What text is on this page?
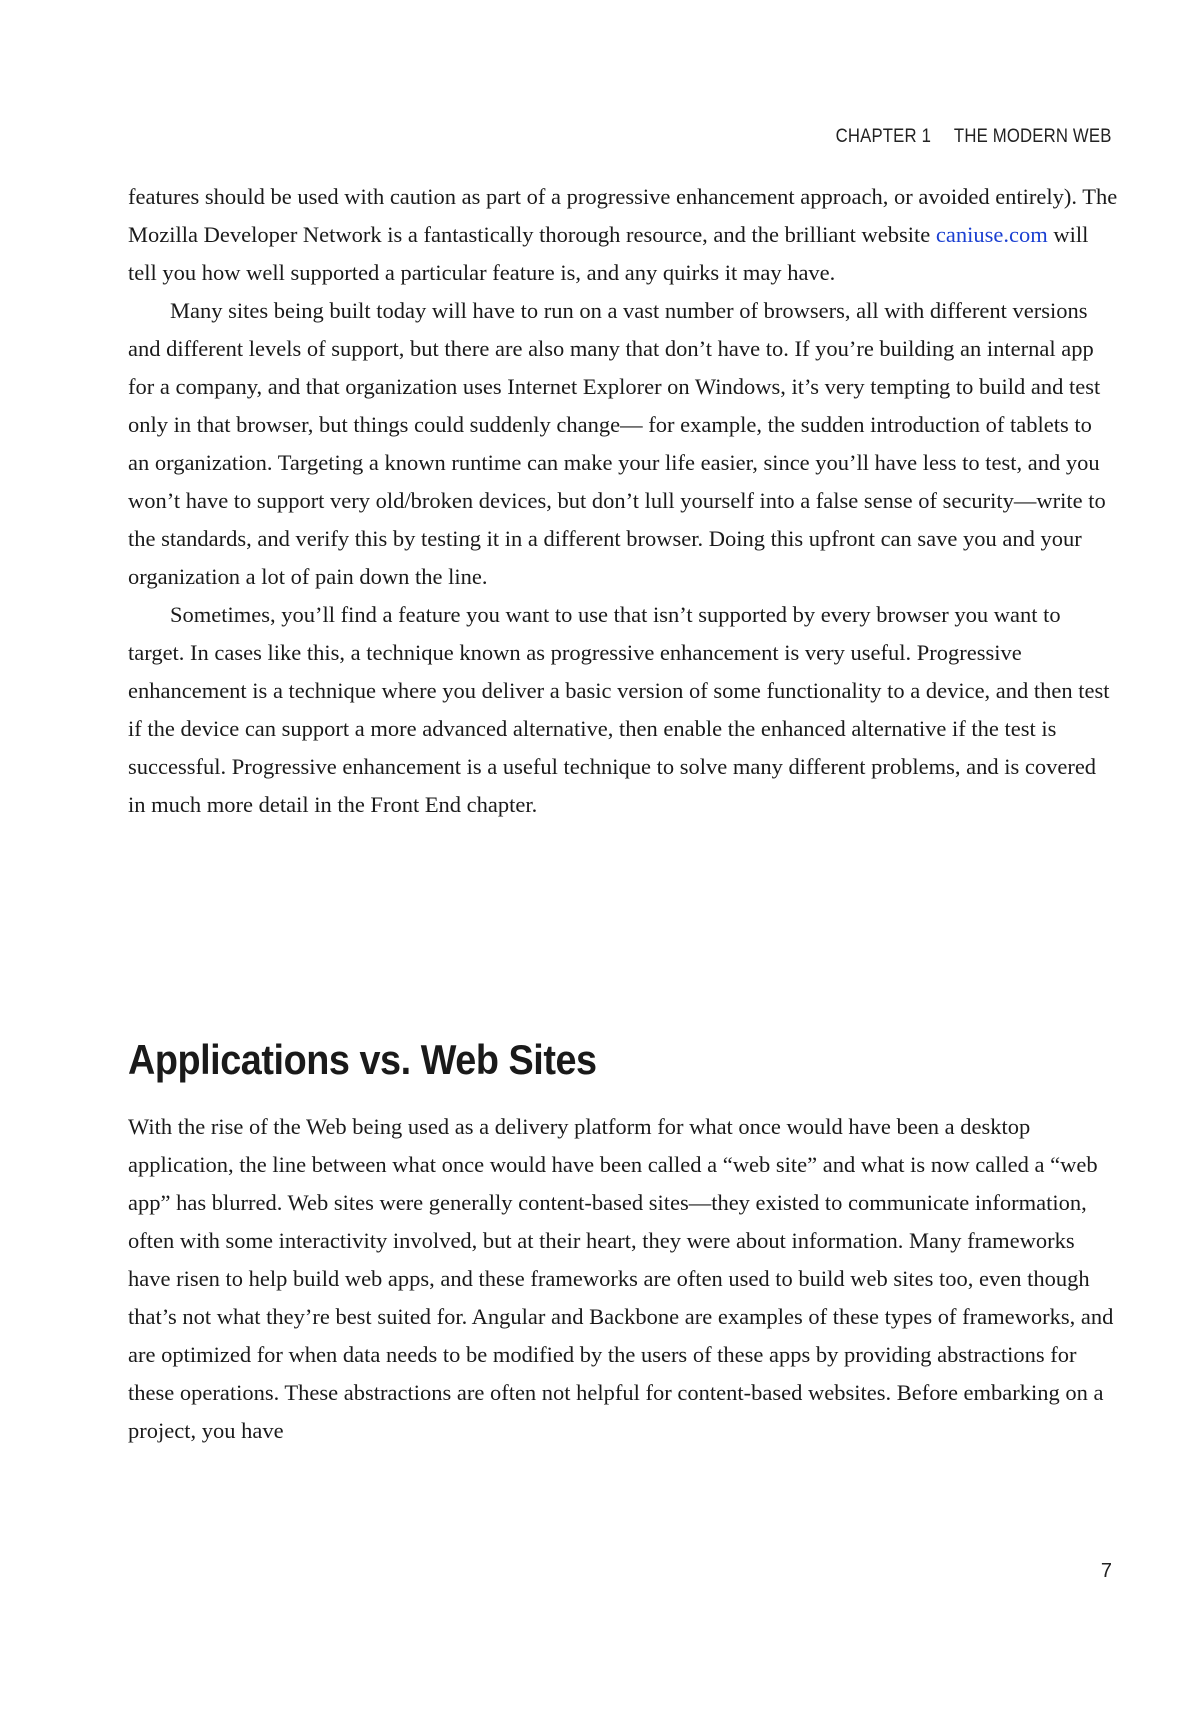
CHAPTER 1 THE MODERN WEB

features should be used with caution as part of a progressive enhancement approach, or avoided entirely). The Mozilla Developer Network is a fantastically thorough resource, and the brilliant website caniuse.com will tell you how well supported a particular feature is, and any quirks it may have.

Many sites being built today will have to run on a vast number of browsers, all with different versions and different levels of support, but there are also many that don’t have to. If you’re building an internal app for a company, and that organization uses Internet Explorer on Windows, it’s very tempting to build and test only in that browser, but things could suddenly change— for example, the sudden introduction of tablets to an organization. Targeting a known runtime can make your life easier, since you’ll have less to test, and you won’t have to support very old/broken devices, but don’t lull yourself into a false sense of security—write to the standards, and verify this by testing it in a different browser. Doing this upfront can save you and your organization a lot of pain down the line.

Sometimes, you’ll find a feature you want to use that isn’t supported by every browser you want to target. In cases like this, a technique known as progressive enhancement is very useful. Progressive enhancement is a technique where you deliver a basic version of some functionality to a device, and then test if the device can support a more advanced alternative, then enable the enhanced alternative if the test is successful. Progressive enhancement is a useful technique to solve many different problems, and is covered in much more detail in the Front End chapter.

Applications vs. Web Sites

With the rise of the Web being used as a delivery platform for what once would have been a desktop application, the line between what once would have been called a “web site” and what is now called a “web app” has blurred. Web sites were generally content-based sites—they existed to communicate information, often with some interactivity involved, but at their heart, they were about information. Many frameworks have risen to help build web apps, and these frameworks are often used to build web sites too, even though that’s not what they’re best suited for. Angular and Backbone are examples of these types of frameworks, and are optimized for when data needs to be modified by the users of these apps by providing abstractions for these operations. These abstractions are often not helpful for content-based websites. Before embarking on a project, you have

7
